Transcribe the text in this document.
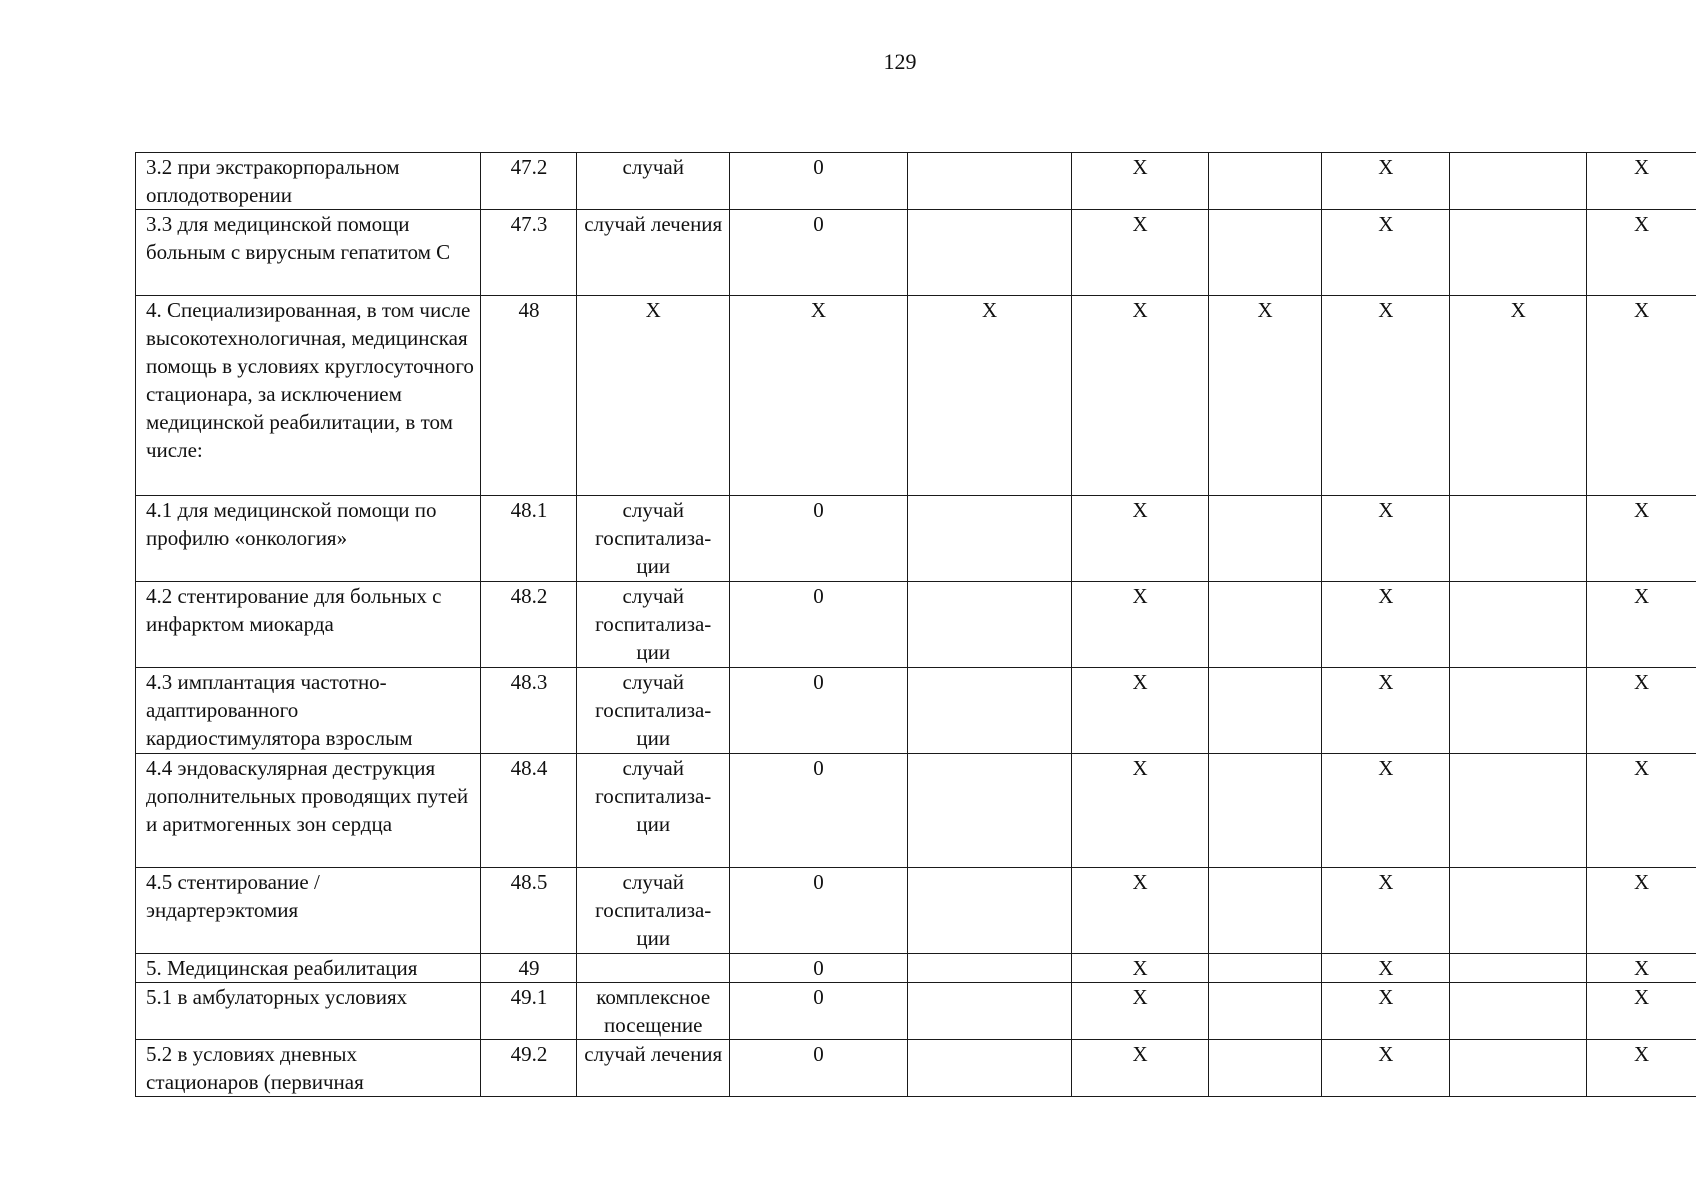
129
3.2 при экстракорпоральном оплодотворении	47.2	случай	0		X		X		X
3.3 для медицинской помощи больным с вирусным гепатитом С	47.3	случай лечения	0		X		X		X
4. Специализированная, в том числе высокотехнологичная, медицинская помощь в условиях круглосуточного стационара, за исключением медицинской реабилитации, в том числе:	48	X	X	X	X	X	X	X	X
4.1 для медицинской помощи по профилю «онкология»	48.1	случай госпитализа-ции	0		X		X		X
4.2 стентирование для больных с инфарктом миокарда	48.2	случай госпитализа-ции	0		X		X		X
4.3 имплантация частотно-адаптированного кардиостимулятора взрослым	48.3	случай госпитализа-ции	0		X		X		X
4.4 эндоваскулярная деструкция дополнительных проводящих путей и аритмогенных зон сердца	48.4	случай госпитализа-ции	0		X		X		X
4.5 стентирование / эндартерэктомия	48.5	случай госпитализа-ции	0		X		X		X
5. Медицинская реабилитация	49		0		X		X		X
5.1 в амбулаторных условиях	49.1	комплексное посещение	0		X		X		X
5.2 в условиях дневных стационаров (первичная	49.2	случай лечения	0		X		X		X
